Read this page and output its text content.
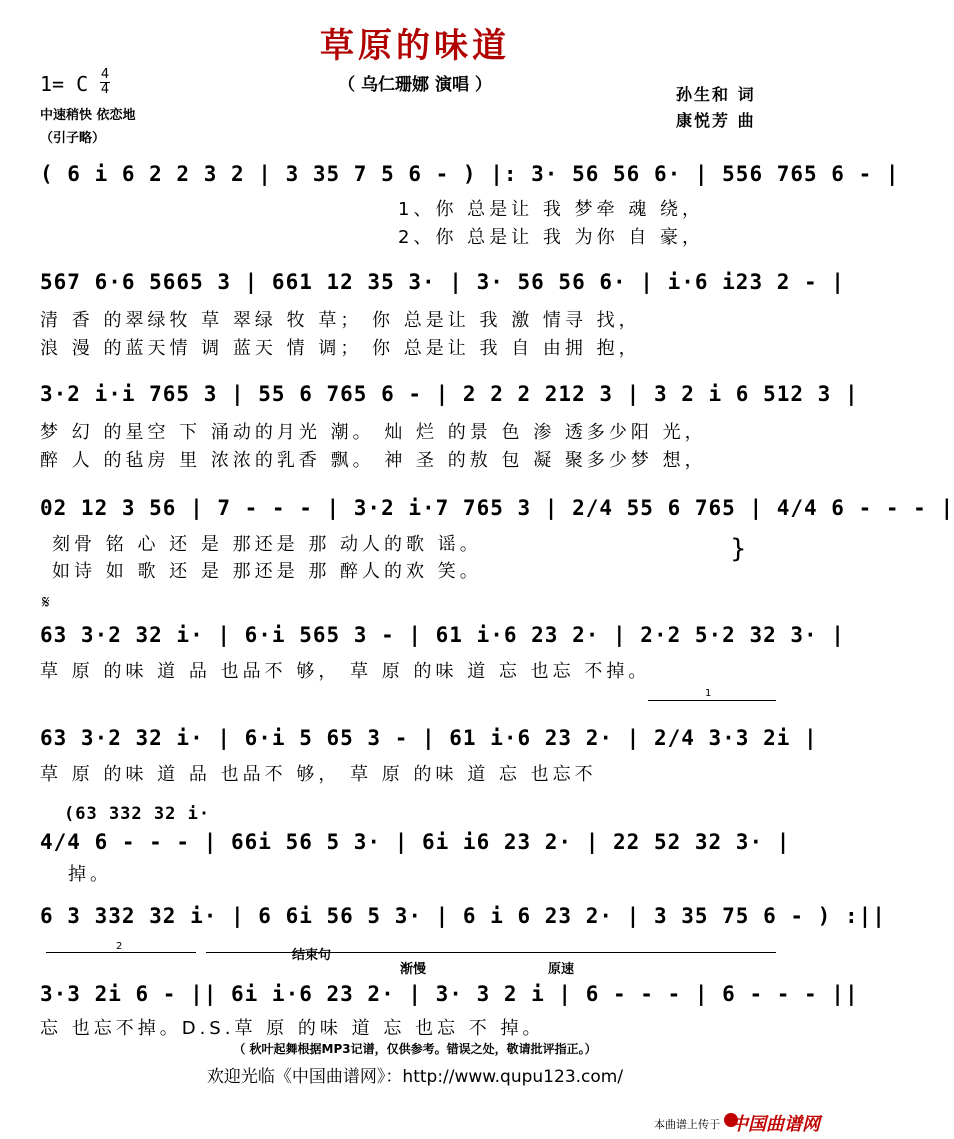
草原的味道
（ 乌仁珊娜 演唱 ）
1= C 4
4
中速稍快 依恋地
（引子略）
孙生和 词
康悦芳 曲
( 6 i 6 2 2 3 2 | 3 35 7 5 6 - ) |: 3· 56 56 6· | 556 765 6 - |
1、你 总是让 我 梦牵 魂 绕，
2、你 总是让 我 为你 自 豪，
567 6·6 5665 3 | 661 12 35 3· | 3· 56 56 6· | i·6 i23 2 - |
清 香 的翠绿牧 草 翠绿 牧 草； 你 总是让 我 激 情寻 找，
浪 漫 的蓝天情 调 蓝天 情 调； 你 总是让 我 自 由拥 抱，
3·2 i·i 765 3 | 55 6 765 6 - | 2 2 2 212 3 | 3 2 i 6 512 3 |
梦 幻 的星空 下 涌动的月光 潮。 灿 烂 的景 色 渗 透多少阳 光，
醉 人 的毡房 里 浓浓的乳香 飘。 神 圣 的敖 包 凝 聚多少梦 想，
02 12 3 56 | 7 - - - | 3·2 i·7 765 3 | 2/4 55 6 765 | 4/4 6 - - - |
刻骨 铭 心 还 是 那还是 那 动人的歌 谣。
如诗 如 歌 还 是 那还是 那 醉人的欢 笑。
}
𝄋
63 3·2 32 i· | 6·i 565 3 - | 61 i·6 23 2· | 2·2 5·2 32 3· |
草 原 的味 道 品 也品不 够， 草 原 的味 道 忘 也忘 不掉。
1
63 3·2 32 i· | 6·i 5 65 3 - | 61 i·6 23 2· | 2/4 3·3 2i |
草 原 的味 道 品 也品不 够， 草 原 的味 道 忘 也忘不
(63 332 32 i·
4/4 6 - - - | 66i 56 5 3· | 6i i6 23 2· | 22 52 32 3· |
掉。
6 3 332 32 i· | 6 6i 56 5 3· | 6 i 6 23 2· | 3 35 75 6 - ) :||
2
结束句
渐慢	原速
3·3 2i 6 - || 6i i·6 23 2· | 3· 3 2 i | 6 - - - | 6 - - - ||
忘 也忘不掉。D.S.草 原 的味 道 忘 也忘 不 掉。
（ 秋叶起舞根据MP3记谱，仅供参考。错误之处，敬请批评指正。）
欢迎光临《中国曲谱网》：http://www.qupu123.com/
本曲谱上传于 中国曲谱网
